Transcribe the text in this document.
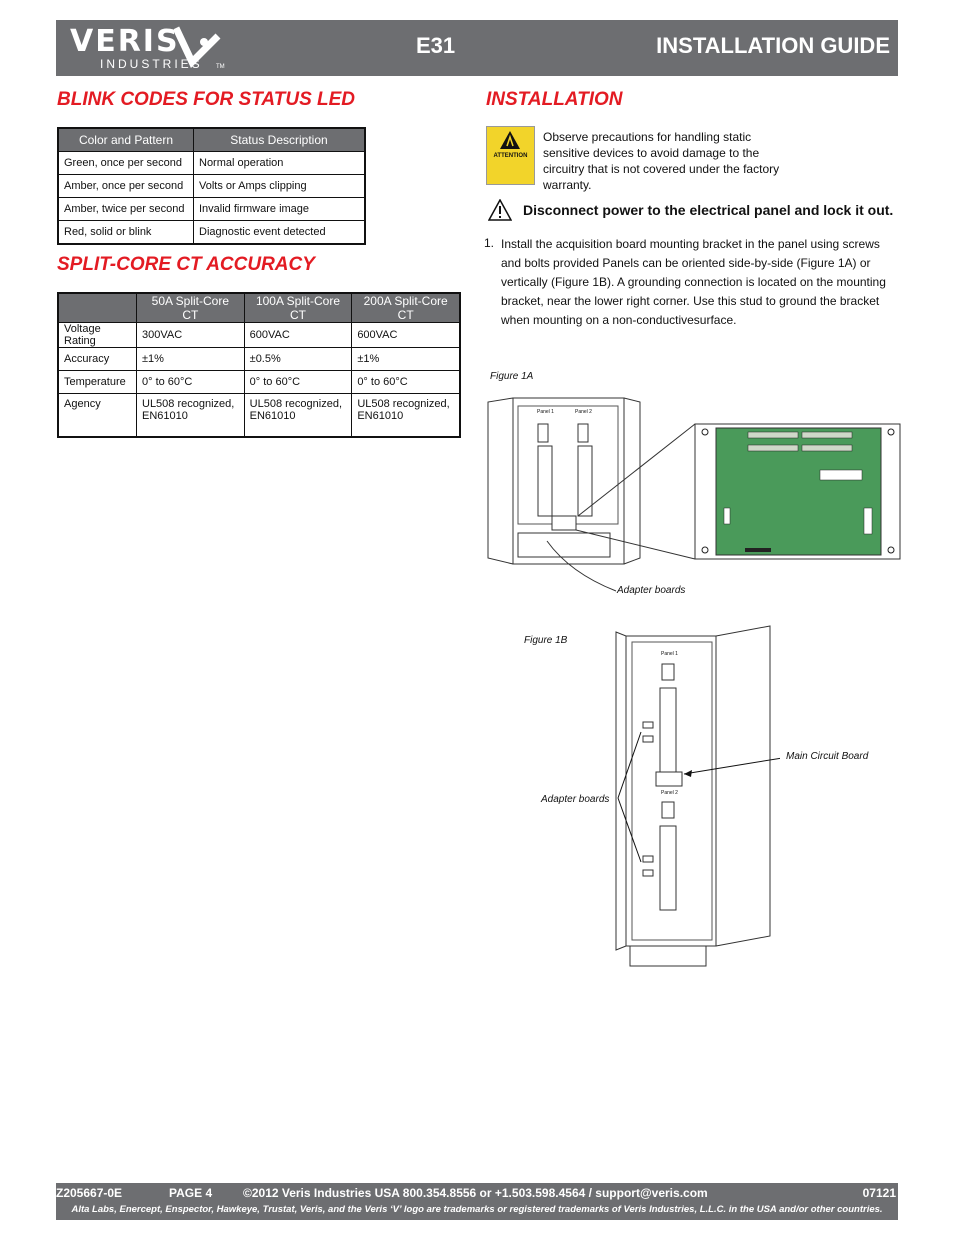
VERIS
INDUSTRIES TM
E31	INSTALLATION GUIDE
BLINK CODES FOR STATUS LED
Color and Pattern	Status Description
Green, once per second	Normal operation
Amber, once per second	Volts or Amps clipping
Amber, twice per second	Invalid firmware image
Red, solid or blink	Diagnostic event detected
SPLIT-CORE CT ACCURACY
	50A Split-Core CT	100A Split-Core CT	200A Split-Core CT
Voltage Rating	300VAC	600VAC	600VAC
Accuracy	±1%	±0.5%	±1%
Temperature	0° to 60°C	0° to 60°C	0° to 60°C
Agency	UL508 recognized, EN61010	UL508 recognized, EN61010	UL508 recognized, EN61010
INSTALLATION
ATTENTION
Observe precautions for handling static sensitive devices to avoid damage to the circuitry that is not covered under the factory warranty.
Disconnect power to the electrical panel and lock it out.
1. Install the acquisition board mounting bracket in the panel using screws and bolts provided Panels can be oriented side-by-side (Figure 1A) or vertically (Figure 1B). A grounding connection is located on the mounting bracket, near the lower right corner. Use this stud to ground the bracket when mounting on a non-conductivesurface.
Figure 1A
Panel 1	Panel 2
Adapter boards
Figure 1B
Panel 1
Panel 2
Main Circuit Board
Adapter boards
Z205667-0E	PAGE 4	©2012 Veris Industries USA 800.354.8556 or +1.503.598.4564 / support@veris.com	07121
Alta Labs, Enercept, Enspector, Hawkeye, Trustat, Veris, and the Veris ‘V’ logo are trademarks or registered trademarks of Veris Industries, L.L.C. in the USA and/or other countries.
